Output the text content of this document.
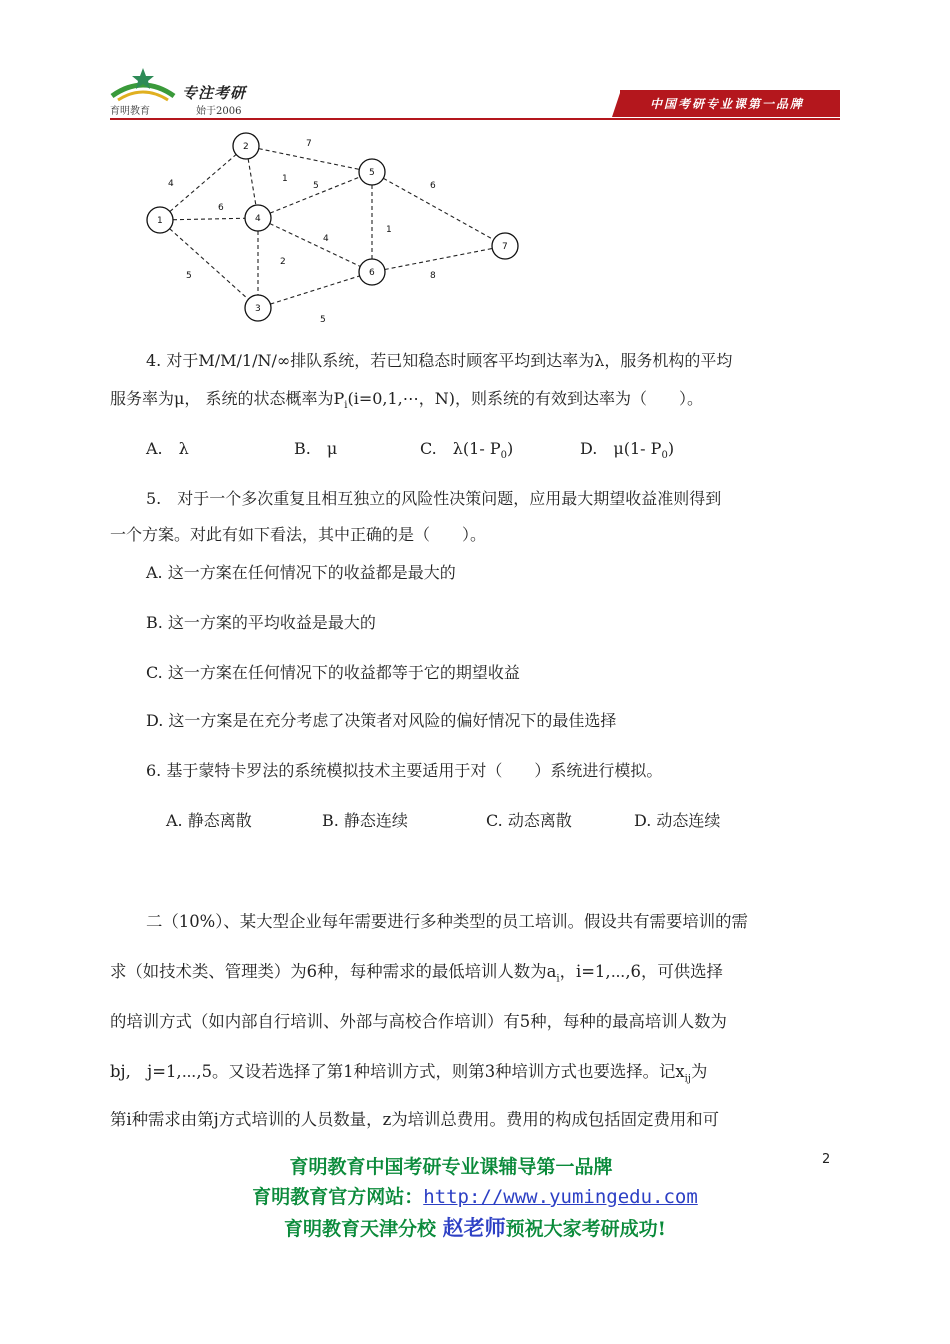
育明教育
专注考研
始于2006
中国考研专业课第一品牌
4
6
5
7
1
5
4
2
6
1
8
5
1
2
3
4
5
6
7
4. 对于M/M/1/N/∞排队系统，若已知稳态时顾客平均到达率为λ，服务机构的平均
服务率为μ， 系统的状态概率为$P_i(i=0,1,\cdots$，N)，则系统的有效到达率为（　　）。
A.　λ	B.　μ	C.　λ(1- $P_0$)	D.　μ(1- $P_0$)
5.　对于一个多次重复且相互独立的风险性决策问题，应用最大期望收益准则得到
一个方案。对此有如下看法，其中正确的是（　　）。
A. 这一方案在任何情况下的收益都是最大的
B. 这一方案的平均收益是最大的
C. 这一方案在任何情况下的收益都等于它的期望收益
D. 这一方案是在充分考虑了决策者对风险的偏好情况下的最佳选择
6. 基于蒙特卡罗法的系统模拟技术主要适用于对（　　）系统进行模拟。
A. 静态离散	B. 静态连续	C. 动态离散	D. 动态连续
二（10%）、某大型企业每年需要进行多种类型的员工培训。假设共有需要培训的需
求（如技术类、管理类）为6种，每种需求的最低培训人数为$a_i$，i=1,⋯,6，可供选择
的培训方式（如内部自行培训、外部与高校合作培训）有5种，每种的最高培训人数为
bj,　j=1,⋯,5。又设若选择了第1种培训方式，则第3种培训方式也要选择。记$x_{ij}$为
第i种需求由第j方式培训的人员数量，z为培训总费用。费用的构成包括固定费用和可
2
育明教育中国考研专业课辅导第一品牌
育明教育官方网站：http://www.yumingedu.com
育明教育天津分校 赵老师预祝大家考研成功!
